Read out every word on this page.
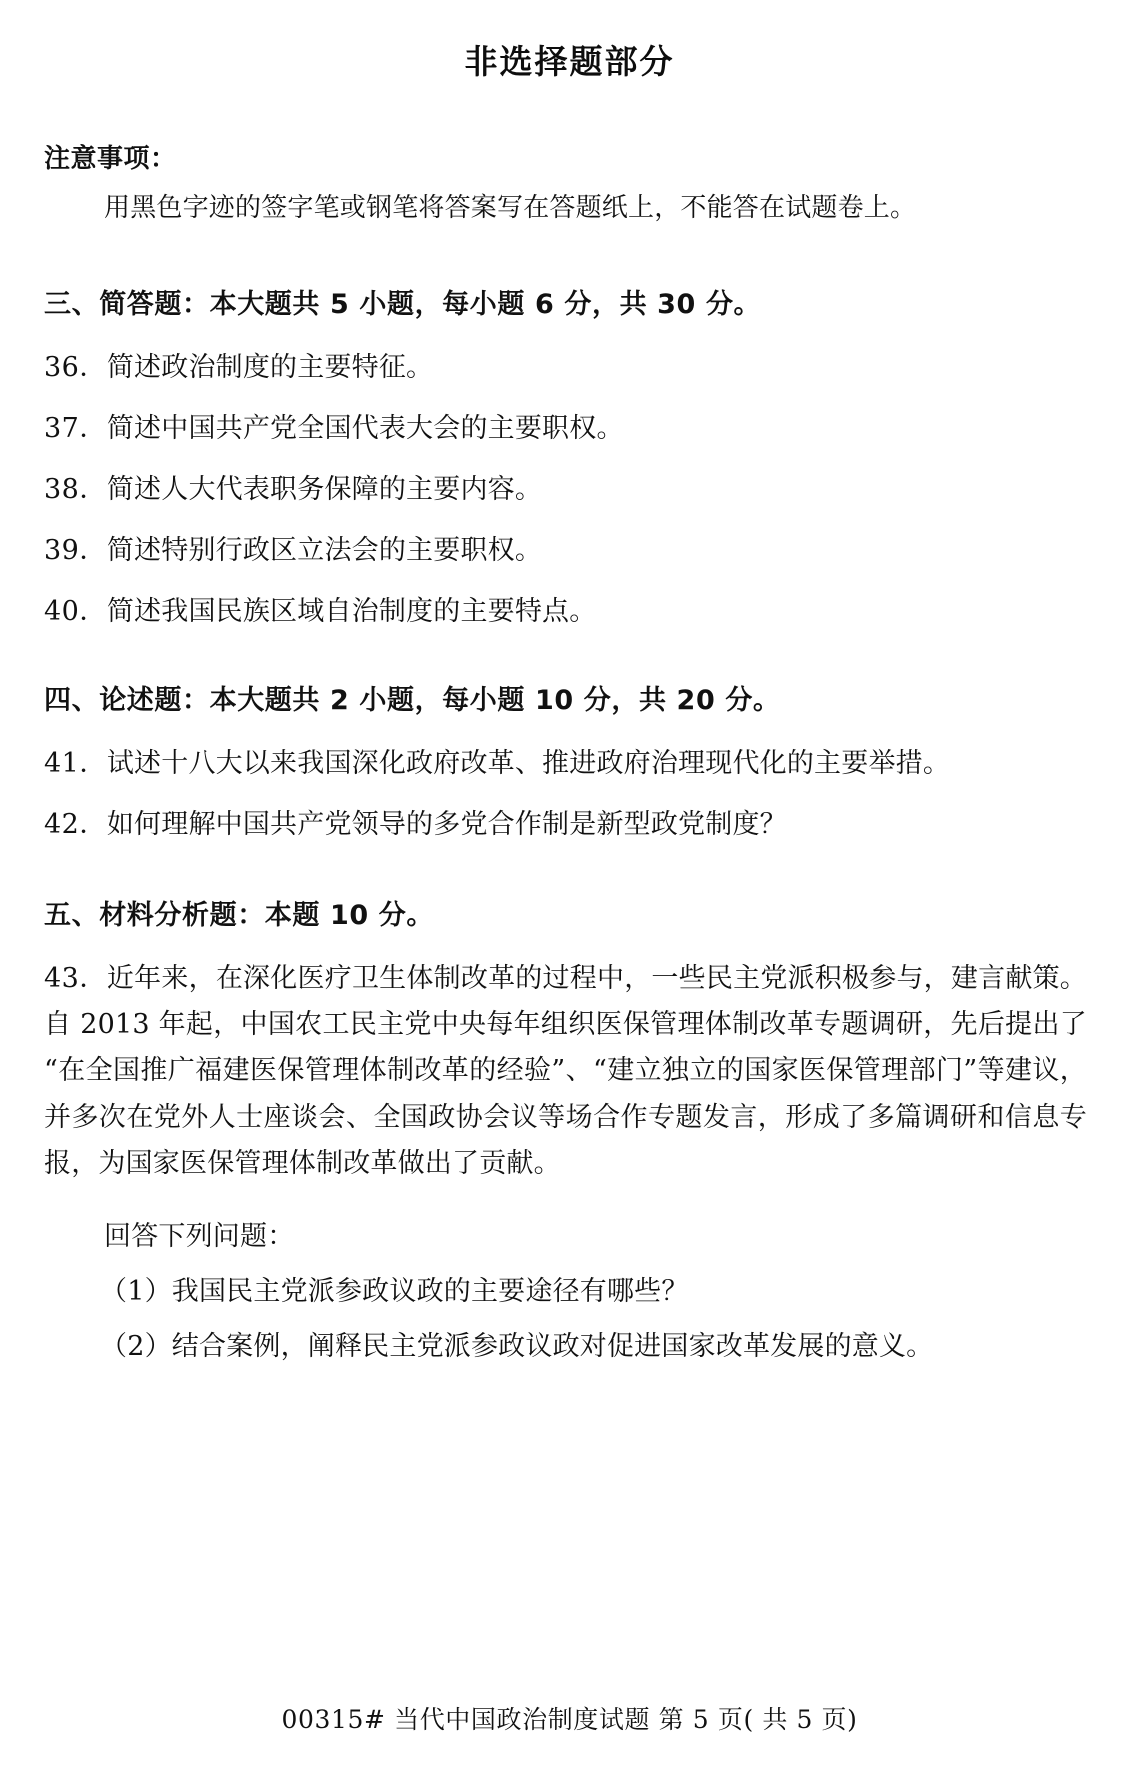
非选择题部分

注意事项：

用黑色字迹的签字笔或钢笔将答案写在答题纸上，不能答在试题卷上。

三、简答题：本大题共 5 小题，每小题 6 分，共 30 分。
36． 简述政治制度的主要特征。
37． 简述中国共产党全国代表大会的主要职权。
38． 简述人大代表职务保障的主要内容。
39． 简述特别行政区立法会的主要职权。
40． 简述我国民族区域自治制度的主要特点。
四、论述题：本大题共 2 小题，每小题 10 分，共 20 分。
41． 试述十八大以来我国深化政府改革、推进政府治理现代化的主要举措。
42． 如何理解中国共产党领导的多党合作制是新型政党制度？
五、材料分析题：本题 10 分。

43．近年来，在深化医疗卫生体制改革的过程中，一些民主党派积极参与，建言献策。自 2013 年起，中国农工民主党中央每年组织医保管理体制改革专题调研，先后提出了“在全国推广福建医保管理体制改革的经验”、“建立独立的国家医保管理部门”等建议，并多次在党外人士座谈会、全国政协会议等场合作专题发言，形成了多篇调研和信息专报，为国家医保管理体制改革做出了贡献。

回答下列问题：

（1）我国民主党派参政议政的主要途径有哪些？

（2）结合案例，阐释民主党派参政议政对促进国家改革发展的意义。

00315# 当代中国政治制度试题 第 5 页( 共 5 页)
